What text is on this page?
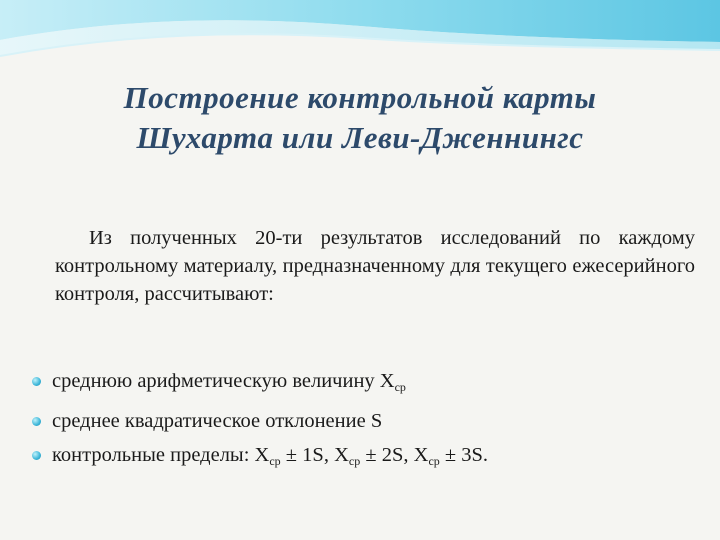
Построение контрольной карты
Шухарта или Леви-Дженнингс
Из полученных 20-ти результатов исследований по каждому контрольному материалу, предназначенному для текущего ежесерийного контроля, рассчитывают:
среднюю арифметическую величину $X_{ср}$
среднее квадратическое отклонение S
контрольные пределы: $X_{ср} \pm 1S$, $X_{ср} \pm 2S$, $X_{ср} \pm 3S$.
